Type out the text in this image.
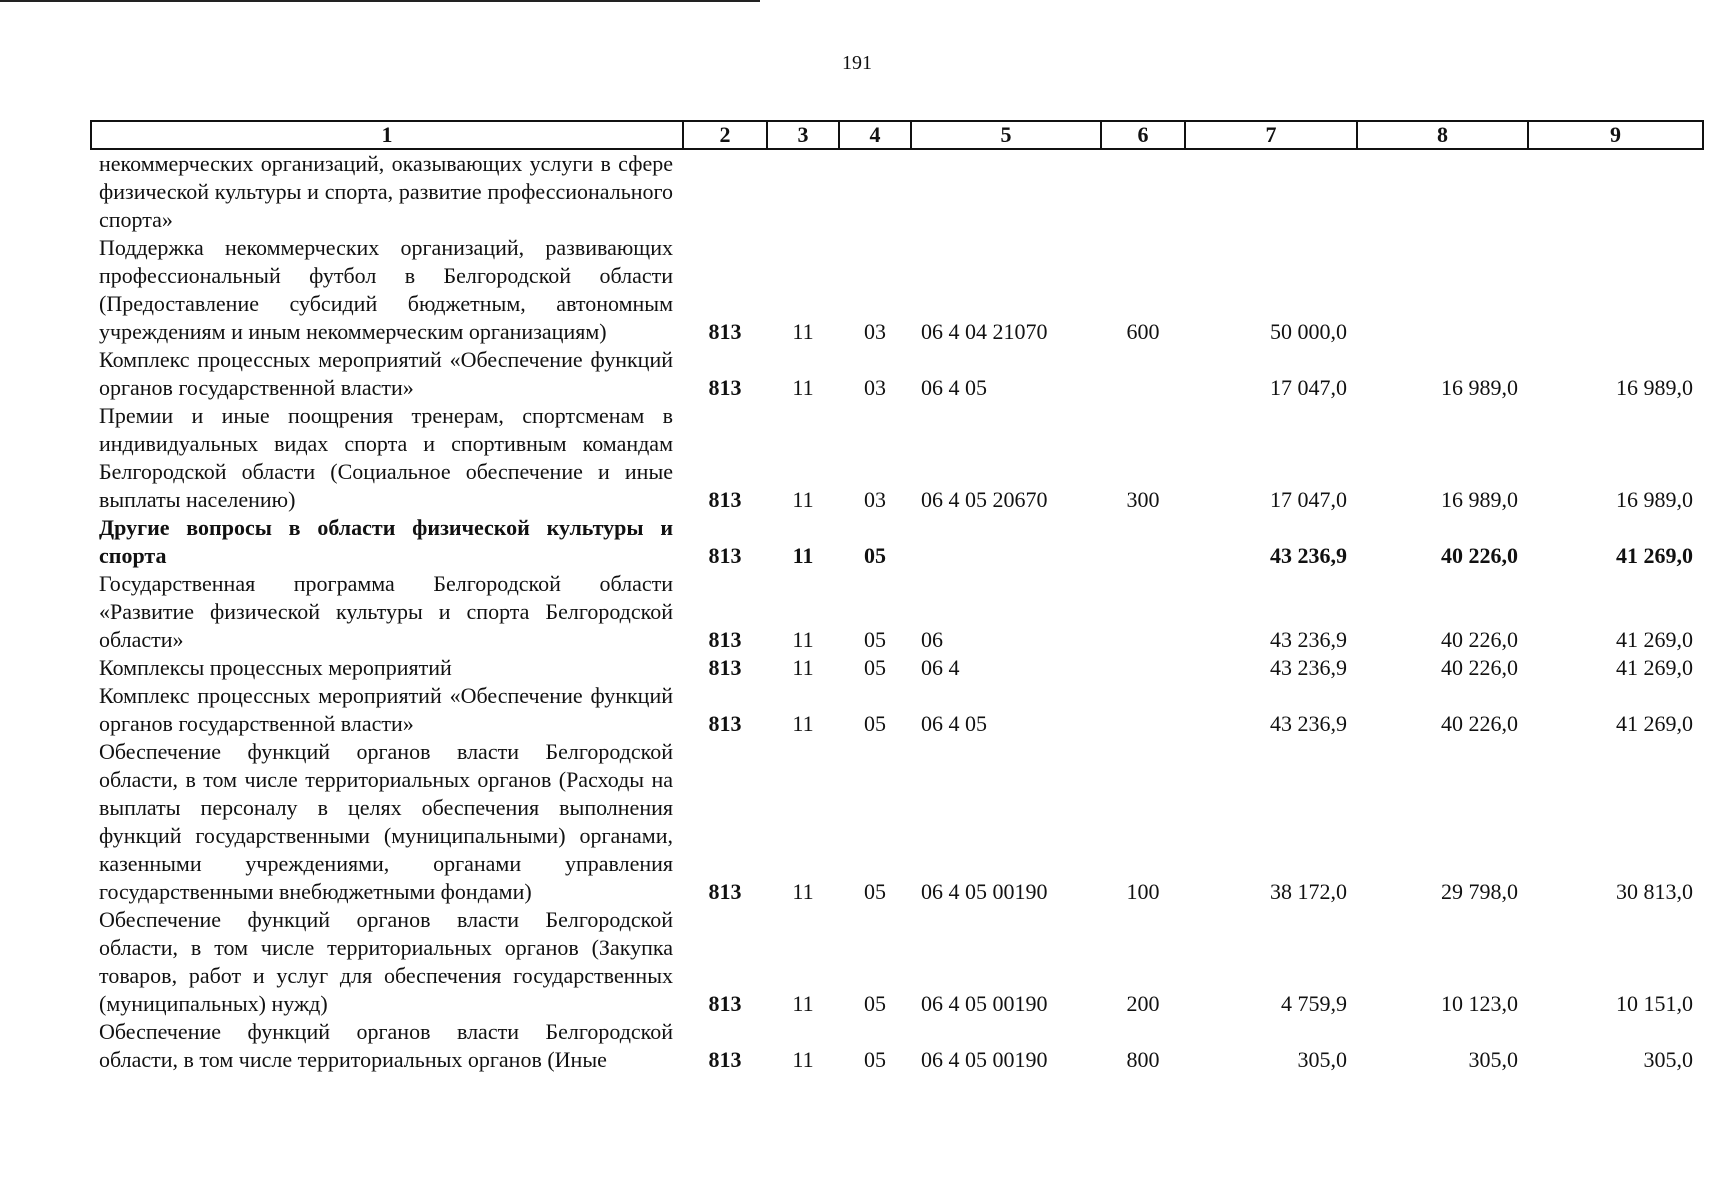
191
1	2	3	4	5	6	7	8	9
некоммерческих организаций, оказывающих услуги в сфере физической культуры и спорта, развитие профессионального спорта»								
Поддержка некоммерческих организаций, развивающих профессиональный футбол в Белгородской области (Предоставление субсидий бюджетным, автономным учреждениям и иным некоммерческим организациям)	813	11	03	06 4 04 21070	600	50 000,0		
Комплекс процессных мероприятий «Обеспечение функций органов государственной власти»	813	11	03	06 4 05		17 047,0	16 989,0	16 989,0
Премии и иные поощрения тренерам, спортсменам в индивидуальных видах спорта и спортивным командам Белгородской области (Социальное обеспечение и иные выплаты населению)	813	11	03	06 4 05 20670	300	17 047,0	16 989,0	16 989,0
Другие вопросы в области физической культуры и спорта	813	11	05			43 236,9	40 226,0	41 269,0
Государственная программа Белгородской области «Развитие физической культуры и спорта Белгородской области»	813	11	05	06		43 236,9	40 226,0	41 269,0
Комплексы процессных мероприятий	813	11	05	06 4		43 236,9	40 226,0	41 269,0
Комплекс процессных мероприятий «Обеспечение функций органов государственной власти»	813	11	05	06 4 05		43 236,9	40 226,0	41 269,0
Обеспечение функций органов власти Белгородской области, в том числе территориальных органов (Расходы на выплаты персоналу в целях обеспечения выполнения функций государственными (муниципальными) органами, казенными учреждениями, органами управления государственными внебюджетными фондами)	813	11	05	06 4 05 00190	100	38 172,0	29 798,0	30 813,0
Обеспечение функций органов власти Белгородской области, в том числе территориальных органов (Закупка товаров, работ и услуг для обеспечения государственных (муниципальных) нужд)	813	11	05	06 4 05 00190	200	4 759,9	10 123,0	10 151,0
Обеспечение функций органов власти Белгородской области, в том числе территориальных органов (Иные	813	11	05	06 4 05 00190	800	305,0	305,0	305,0
